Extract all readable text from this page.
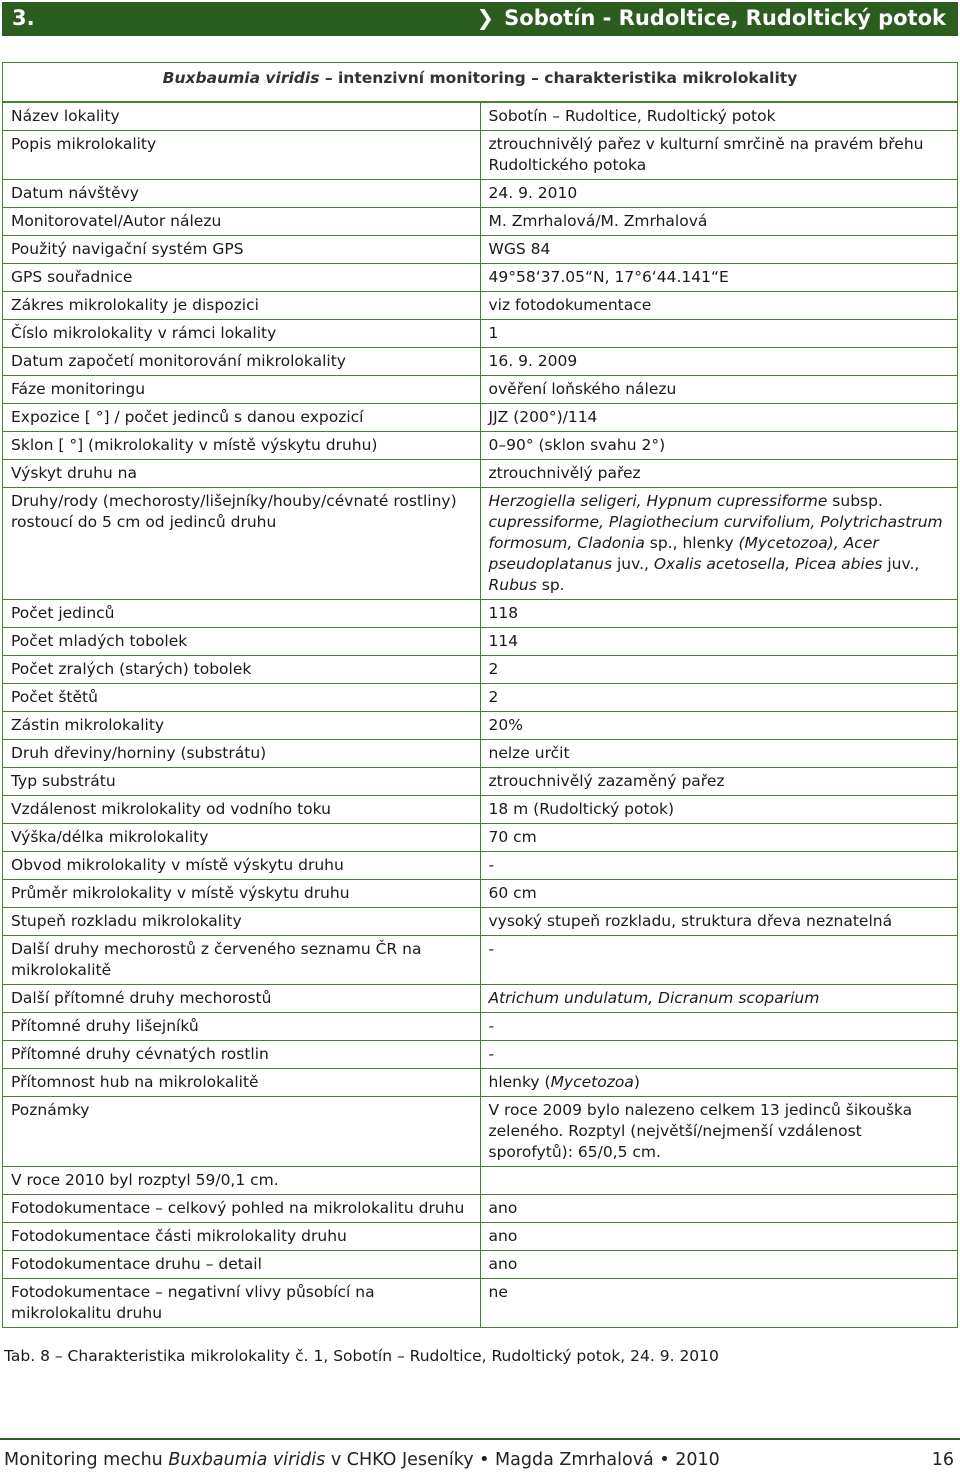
3.	❯ Sobotín - Rudoltice, Rudoltický potok
Buxbaumia viridis – intenzivní monitoring – charakteristika mikrolokality	
Název lokality	Sobotín – Rudoltice, Rudoltický potok
Popis mikrolokality	ztrouchnivělý pařez v kulturní smrčině na pravém břehu Rudoltického potoka
Datum návštěvy	24. 9. 2010
Monitorovatel/Autor nálezu	M. Zmrhalová/M. Zmrhalová
Použitý navigační systém GPS	WGS 84
GPS souřadnice	49°58‘37.05“N, 17°6‘44.141“E
Zákres mikrolokality je dispozici	viz fotodokumentace
Číslo mikrolokality v rámci lokality	1
Datum započetí monitorování mikrolokality	16. 9. 2009
Fáze monitoringu	ověření loňského nálezu
Expozice [ °] / počet jedinců s danou expozicí	JJZ (200°)/114
Sklon [ °] (mikrolokality v místě výskytu druhu)	0–90° (sklon svahu 2°)
Výskyt druhu na	ztrouchnivělý pařez
Druhy/rody (mechorosty/lišejníky/houby/cévnaté rostliny) rostoucí do 5 cm od jedinců druhu	Herzogiella seligeri, Hypnum cupressiforme subsp. cupressiforme, Plagiothecium curvifolium, Polytrichastrum formosum, Cladonia sp., hlenky (Mycetozoa), Acer pseudoplatanus juv., Oxalis acetosella, Picea abies juv., Rubus sp.
Počet jedinců	118
Počet mladých tobolek	114
Počet zralých (starých) tobolek	2
Počet štětů	2
Zástin mikrolokality	20%
Druh dřeviny/horniny (substrátu)	nelze určit
Typ substrátu	ztrouchnivělý zazaměný pařez
Vzdálenost mikrolokality od vodního toku	18 m (Rudoltický potok)
Výška/délka mikrolokality	70 cm
Obvod mikrolokality v místě výskytu druhu	-
Průměr mikrolokality v místě výskytu druhu	60 cm
Stupeň rozkladu mikrolokality	vysoký stupeň rozkladu, struktura dřeva neznatelná
Další druhy mechorostů z červeného seznamu ČR na mikrolokalitě	-
Další přítomné druhy mechorostů	Atrichum undulatum, Dicranum scoparium
Přítomné druhy lišejníků	-
Přítomné druhy cévnatých rostlin	-
Přítomnost hub na mikrolokalitě	hlenky (Mycetozoa)
Poznámky	V roce 2009 bylo nalezeno celkem 13 jedinců šikouška zeleného. Rozptyl (největší/nejmenší vzdálenost sporofytů): 65/0,5 cm.
V roce 2010 byl rozptyl 59/0,1 cm.	
Fotodokumentace – celkový pohled na mikrolokalitu druhu	ano
Fotodokumentace části mikrolokality druhu	ano
Fotodokumentace druhu – detail	ano
Fotodokumentace – negativní vlivy působící na mikrolokalitu druhu	ne
Tab. 8 – Charakteristika mikrolokality č. 1, Sobotín – Rudoltice, Rudoltický potok, 24. 9. 2010
Monitoring mechu Buxbaumia viridis v CHKO Jeseníky • Magda Zmrhalová • 2010	16
